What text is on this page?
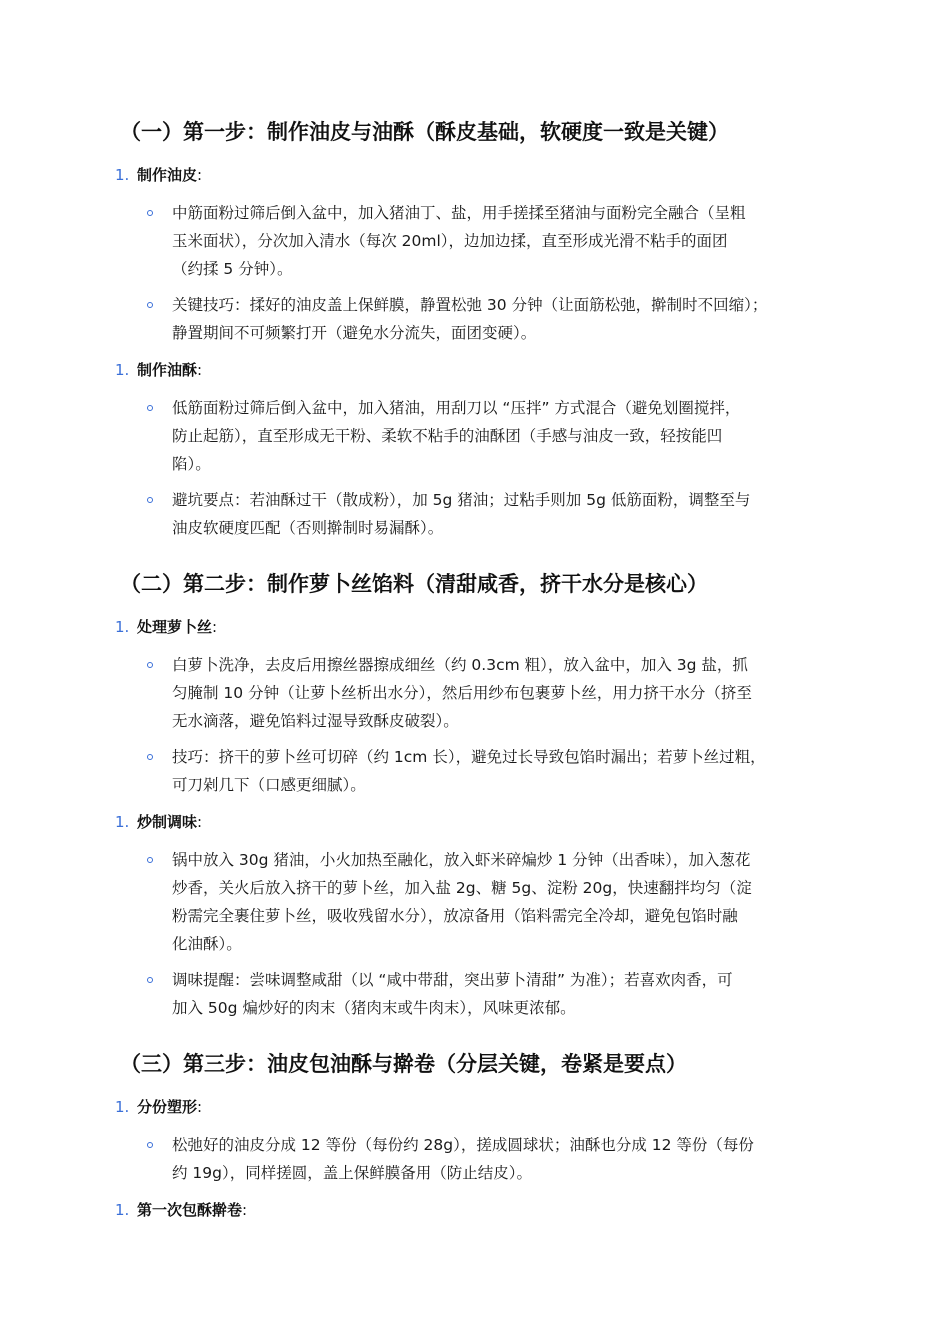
（一）第一步：制作油皮与油酥（酥皮基础，软硬度一致是关键）
1. 制作油皮:
中筋面粉过筛后倒入盆中，加入猪油丁、盐，用手搓揉至猪油与面粉完全融合（呈粗
玉米面状），分次加入清水（每次 20ml），边加边揉，直至形成光滑不粘手的面团
（约揉 5 分钟）。
关键技巧：揉好的油皮盖上保鲜膜，静置松弛 30 分钟（让面筋松弛，擀制时不回缩）；
静置期间不可频繁打开（避免水分流失，面团变硬）。
1. 制作油酥:
低筋面粉过筛后倒入盆中，加入猪油，用刮刀以 “压拌” 方式混合（避免划圈搅拌，
防止起筋），直至形成无干粉、柔软不粘手的油酥团（手感与油皮一致，轻按能凹
陷）。
避坑要点：若油酥过干（散成粉），加 5g 猪油；过粘手则加 5g 低筋面粉，调整至与
油皮软硬度匹配（否则擀制时易漏酥）。
（二）第二步：制作萝卜丝馅料（清甜咸香，挤干水分是核心）
1. 处理萝卜丝:
白萝卜洗净，去皮后用擦丝器擦成细丝（约 0.3cm 粗），放入盆中，加入 3g 盐，抓
匀腌制 10 分钟（让萝卜丝析出水分），然后用纱布包裹萝卜丝，用力挤干水分（挤至
无水滴落，避免馅料过湿导致酥皮破裂）。
技巧：挤干的萝卜丝可切碎（约 1cm 长），避免过长导致包馅时漏出；若萝卜丝过粗，
可刀剁几下（口感更细腻）。
1. 炒制调味:
锅中放入 30g 猪油，小火加热至融化，放入虾米碎煸炒 1 分钟（出香味），加入葱花
炒香，关火后放入挤干的萝卜丝，加入盐 2g、糖 5g、淀粉 20g，快速翻拌均匀（淀
粉需完全裹住萝卜丝，吸收残留水分），放凉备用（馅料需完全冷却，避免包馅时融
化油酥）。
调味提醒：尝味调整咸甜（以 “咸中带甜，突出萝卜清甜” 为准）；若喜欢肉香，可
加入 50g 煸炒好的肉末（猪肉末或牛肉末），风味更浓郁。
（三）第三步：油皮包油酥与擀卷（分层关键，卷紧是要点）
1. 分份塑形:
松弛好的油皮分成 12 等份（每份约 28g），搓成圆球状；油酥也分成 12 等份（每份
约 19g），同样搓圆，盖上保鲜膜备用（防止结皮）。
1. 第一次包酥擀卷:
